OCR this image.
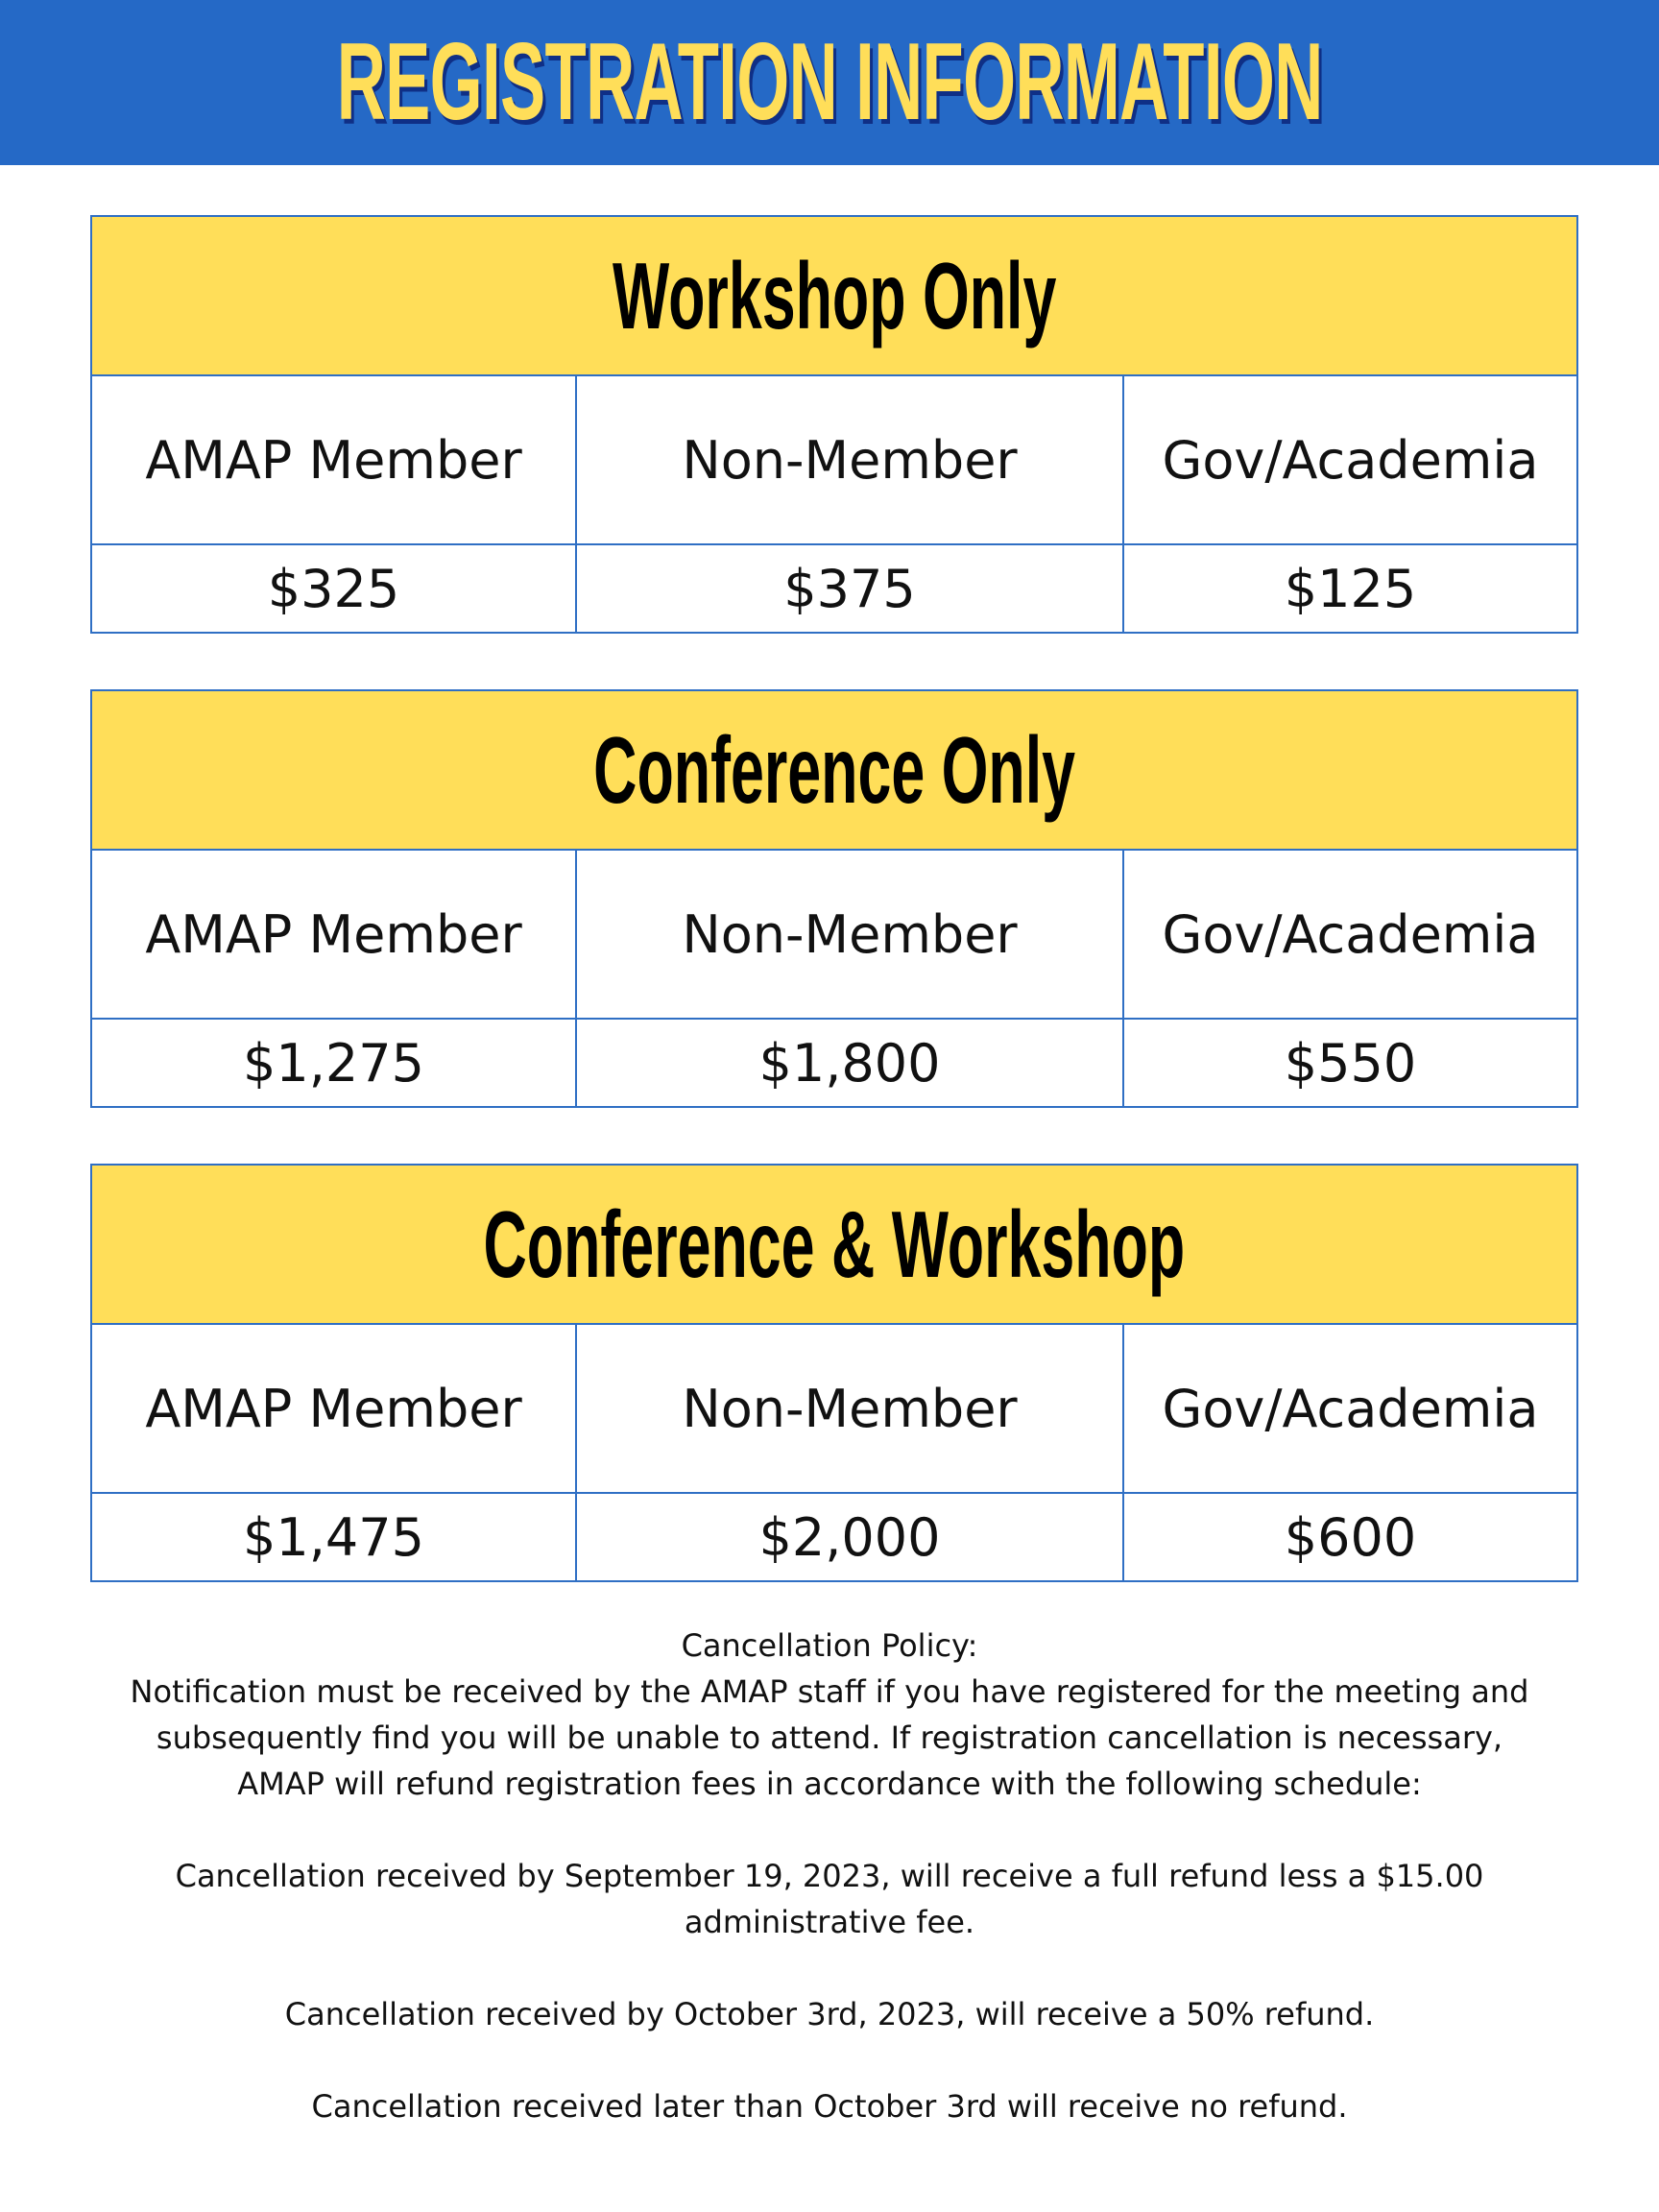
REGISTRATION INFORMATION
Workshop Only		
AMAP Member	Non-Member	Gov/Academia
$325	$375	$125
Conference Only		
AMAP Member	Non-Member	Gov/Academia
$1,275	$1,800	$550
Conference & Workshop		
AMAP Member	Non-Member	Gov/Academia
$1,475	$2,000	$600

Cancellation Policy:

Notification must be received by the AMAP staff if you have registered for the meeting and

subsequently find you will be unable to attend. If registration cancellation is necessary,

AMAP will refund registration fees in accordance with the following schedule:

Cancellation received by September 19, 2023, will receive a full refund less a $15.00

administrative fee.

Cancellation received by October 3rd, 2023, will receive a 50% refund.

Cancellation received later than October 3rd will receive no refund.
